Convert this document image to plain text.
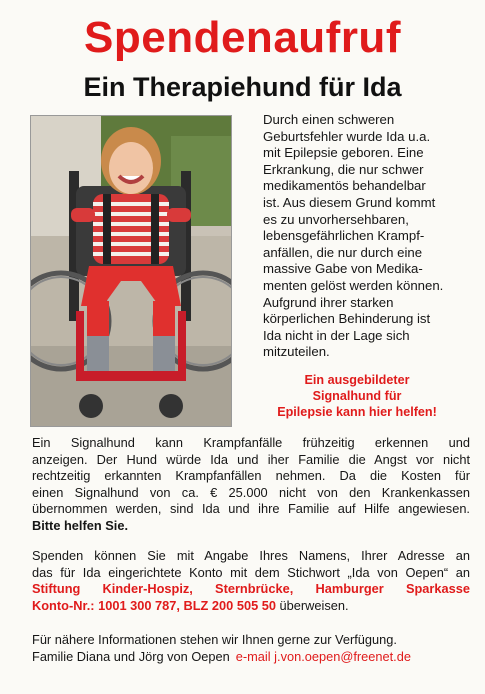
Spendenaufruf
Ein Therapiehund für Ida
Durch einen schweren
Geburtsfehler wurde Ida u.a.
mit Epilepsie geboren. Eine
Erkrankung, die nur schwer
medikamentös behandelbar
ist. Aus diesem Grund kommt
es zu unvorhersehbaren,
lebensgefährlichen Krampf-
anfällen, die nur durch eine
massive Gabe von Medika-
menten gelöst werden können.
Aufgrund ihrer starken
körperlichen Behinderung ist
Ida nicht in der Lage sich
mitzuteilen.
Ein ausgebildeter
Signalhund für
Epilepsie kann hier helfen!
Ein Signalhund kann Krampfanfälle frühzeitig erkennen und
anzeigen. Der Hund würde Ida und iher Familie die Angst vor nicht
rechtzeitig erkannten Krampfanfällen nehmen. Da die Kosten für
einen Signalhund von ca. € 25.000 nicht von den Krankenkassen
übernommen werden, sind Ida und ihre Familie auf Hilfe angewiesen.
Bitte helfen Sie.
Spenden können Sie mit Angabe Ihres Namens, Ihrer Adresse an
das für Ida eingerichtete Konto mit dem Stichwort „Ida von Oepen“ an
Stiftung Kinder-Hospiz, Sternbrücke, Hamburger Sparkasse
Konto-Nr.: 1001 300 787, BLZ 200 505 50 überweisen.
Für nähere Informationen stehen wir Ihnen gerne zur Verfügung.
Familie Diana und Jörg von Oepen e-mail j.von.oepen@freenet.de
